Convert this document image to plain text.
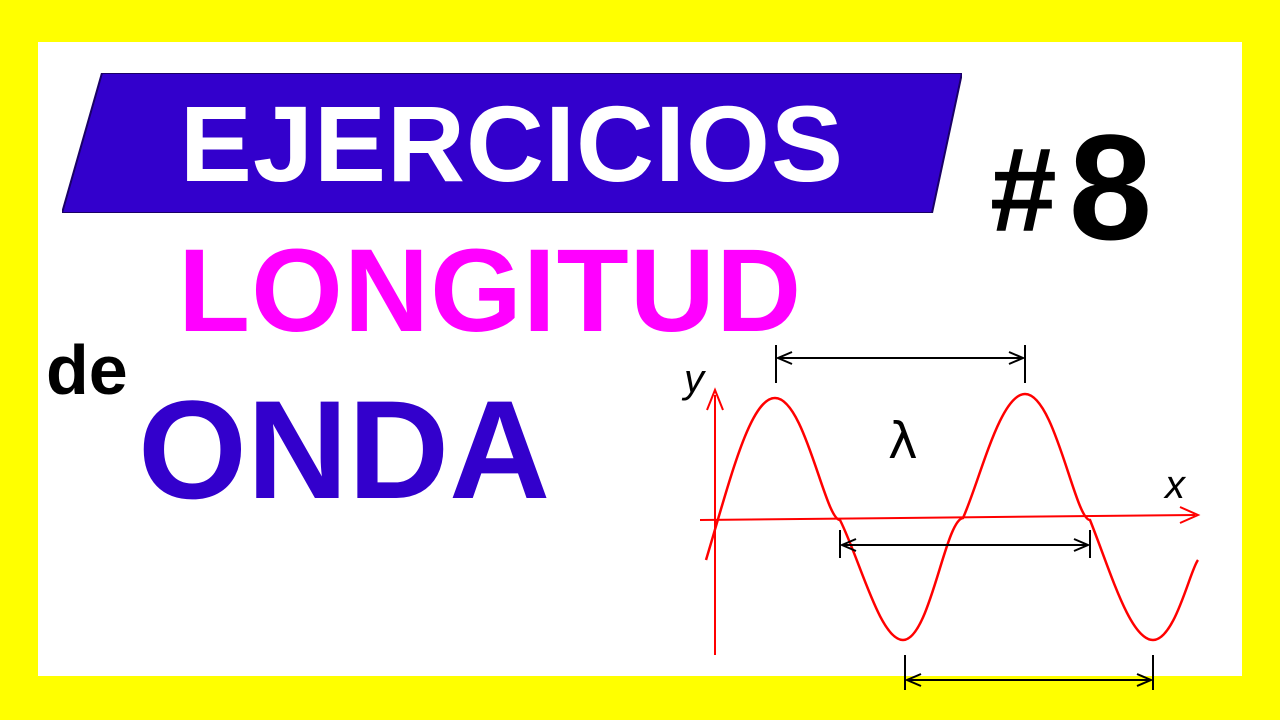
EJERCICIOS	#8
LONGITUD
de
ONDA	y
x
λ
